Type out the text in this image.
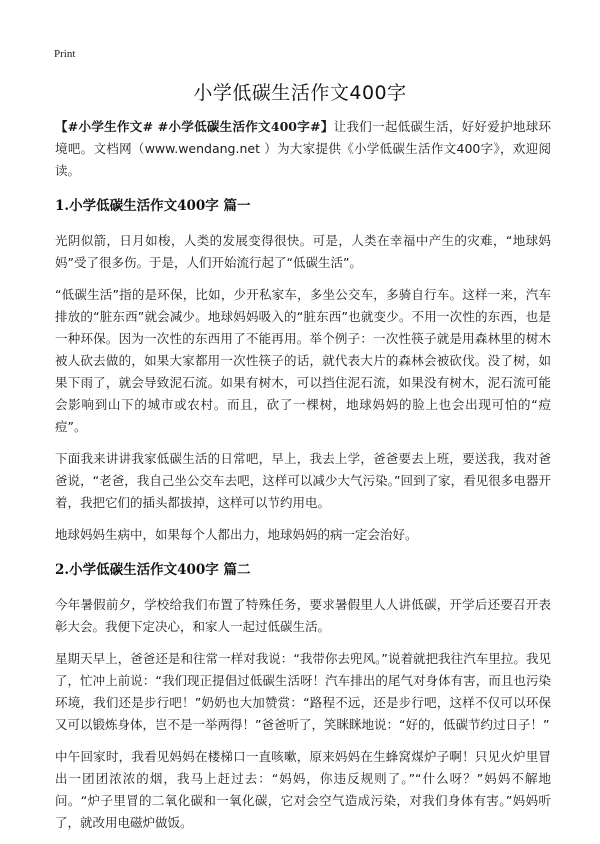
Print
小学低碳生活作文400字

【#小学生作文# #小学低碳生活作文400字#】让我们一起低碳生活，好好爱护地球环境吧。文档网（www.wendang.net ）为大家提供《小学低碳生活作文400字》，欢迎阅读。

1.小学低碳生活作文400字 篇一

光阴似箭，日月如梭，人类的发展变得很快。可是，人类在幸福中产生的灾难，“地球妈妈”受了很多伤。于是，人们开始流行起了“低碳生活”。

“低碳生活”指的是环保，比如，少开私家车，多坐公交车，多骑自行车。这样一来，汽车排放的“脏东西”就会减少。地球妈妈吸入的“脏东西”也就变少。不用一次性的东西，也是一种环保。因为一次性的东西用了不能再用。举个例子：一次性筷子就是用森林里的树木被人砍去做的，如果大家都用一次性筷子的话，就代表大片的森林会被砍伐。没了树，如果下雨了，就会导致泥石流。如果有树木，可以挡住泥石流，如果没有树木，泥石流可能会影响到山下的城市或农村。而且，砍了一棵树，地球妈妈的脸上也会出现可怕的“痘痘”。

下面我来讲讲我家低碳生活的日常吧，早上，我去上学，爸爸要去上班，要送我，我对爸爸说，“老爸，我自己坐公交车去吧，这样可以减少大气污染。”回到了家，看见很多电器开着，我把它们的插头都拔掉，这样可以节约用电。

地球妈妈生病中，如果每个人都出力，地球妈妈的病一定会治好。

2.小学低碳生活作文400字 篇二

今年暑假前夕，学校给我们布置了特殊任务，要求暑假里人人讲低碳，开学后还要召开表彰大会。我便下定决心，和家人一起过低碳生活。

星期天早上，爸爸还是和往常一样对我说：“我带你去兜风。”说着就把我往汽车里拉。我见了，忙冲上前说：“我们现正提倡过低碳生活呀！汽车排出的尾气对身体有害，而且也污染环境，我们还是步行吧！”奶奶也大加赞赏：“路程不远，还是步行吧，这样不仅可以环保又可以锻炼身体，岂不是一举两得！”爸爸听了，笑眯眯地说：“好的，低碳节约过日子！”

中午回家时，我看见妈妈在楼梯口一直咳嗽，原来妈妈在生蜂窝煤炉子啊！只见火炉里冒出一团团浓浓的烟，我马上赶过去：“妈妈，你违反规则了。”“什么呀？”妈妈不解地问。“炉子里冒的二氧化碳和一氧化碳，它对会空气造成污染，对我们身体有害。”妈妈听了，就改用电磁炉做饭。
